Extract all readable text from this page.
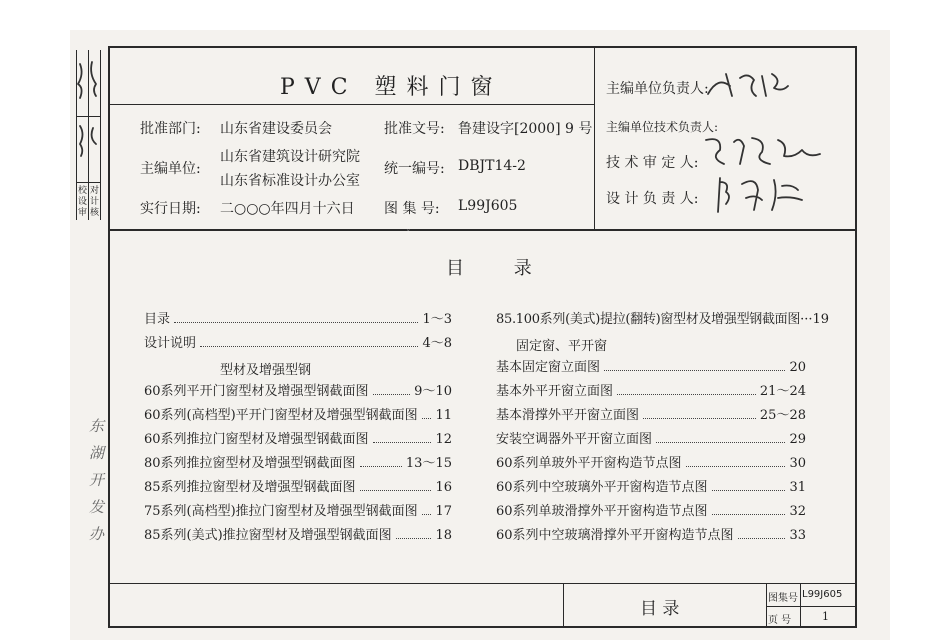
校
设
审
对
计
核
东湖开发办
PVC 塑料门窗
批准部门: 山东省建设委员会
主编单位:
山东省建筑设计研究院
山东省标准设计办公室
实行日期: 二○○○年四月十六日
批准文号: 鲁建设字[2000] 9 号
统一编号: DBJT14-2
图 集 号: L99J605
主编单位负责人:
主编单位技术负责人:
技 术 审 定 人:
设 计 负 责 人:
ˇ
目 录
目录	1～3
设计说明	4～8
型材及增强型钢
60系列平开门窗型材及增强型钢截面图	9～10
60系列(高档型)平开门窗型材及增强型钢截面图 11
60系列推拉门窗型材及增强型钢截面图	12
80系列推拉窗型材及增强型钢截面图	13～15
85系列推拉窗型材及增强型钢截面图	16
75系列(高档型)推拉门窗型材及增强型钢截面图 17
85系列(美式)推拉窗型材及增强型钢截面图	18
85.100系列(美式)提拉(翻转)窗型材及增强型钢截面图 ··· 19
固定窗、平开窗
基本固定窗立面图	20
基本外平开窗立面图	21～24
基本滑撑外平开窗立面图	25～28
安装空调器外平开窗立面图	29
60系列单玻外平开窗构造节点图	30
60系列中空玻璃外平开窗构造节点图	31
60系列单玻滑撑外平开窗构造节点图	32
60系列中空玻璃滑撑外平开窗构造节点图	33
目 录
图集号 L99J605
页 号	1
